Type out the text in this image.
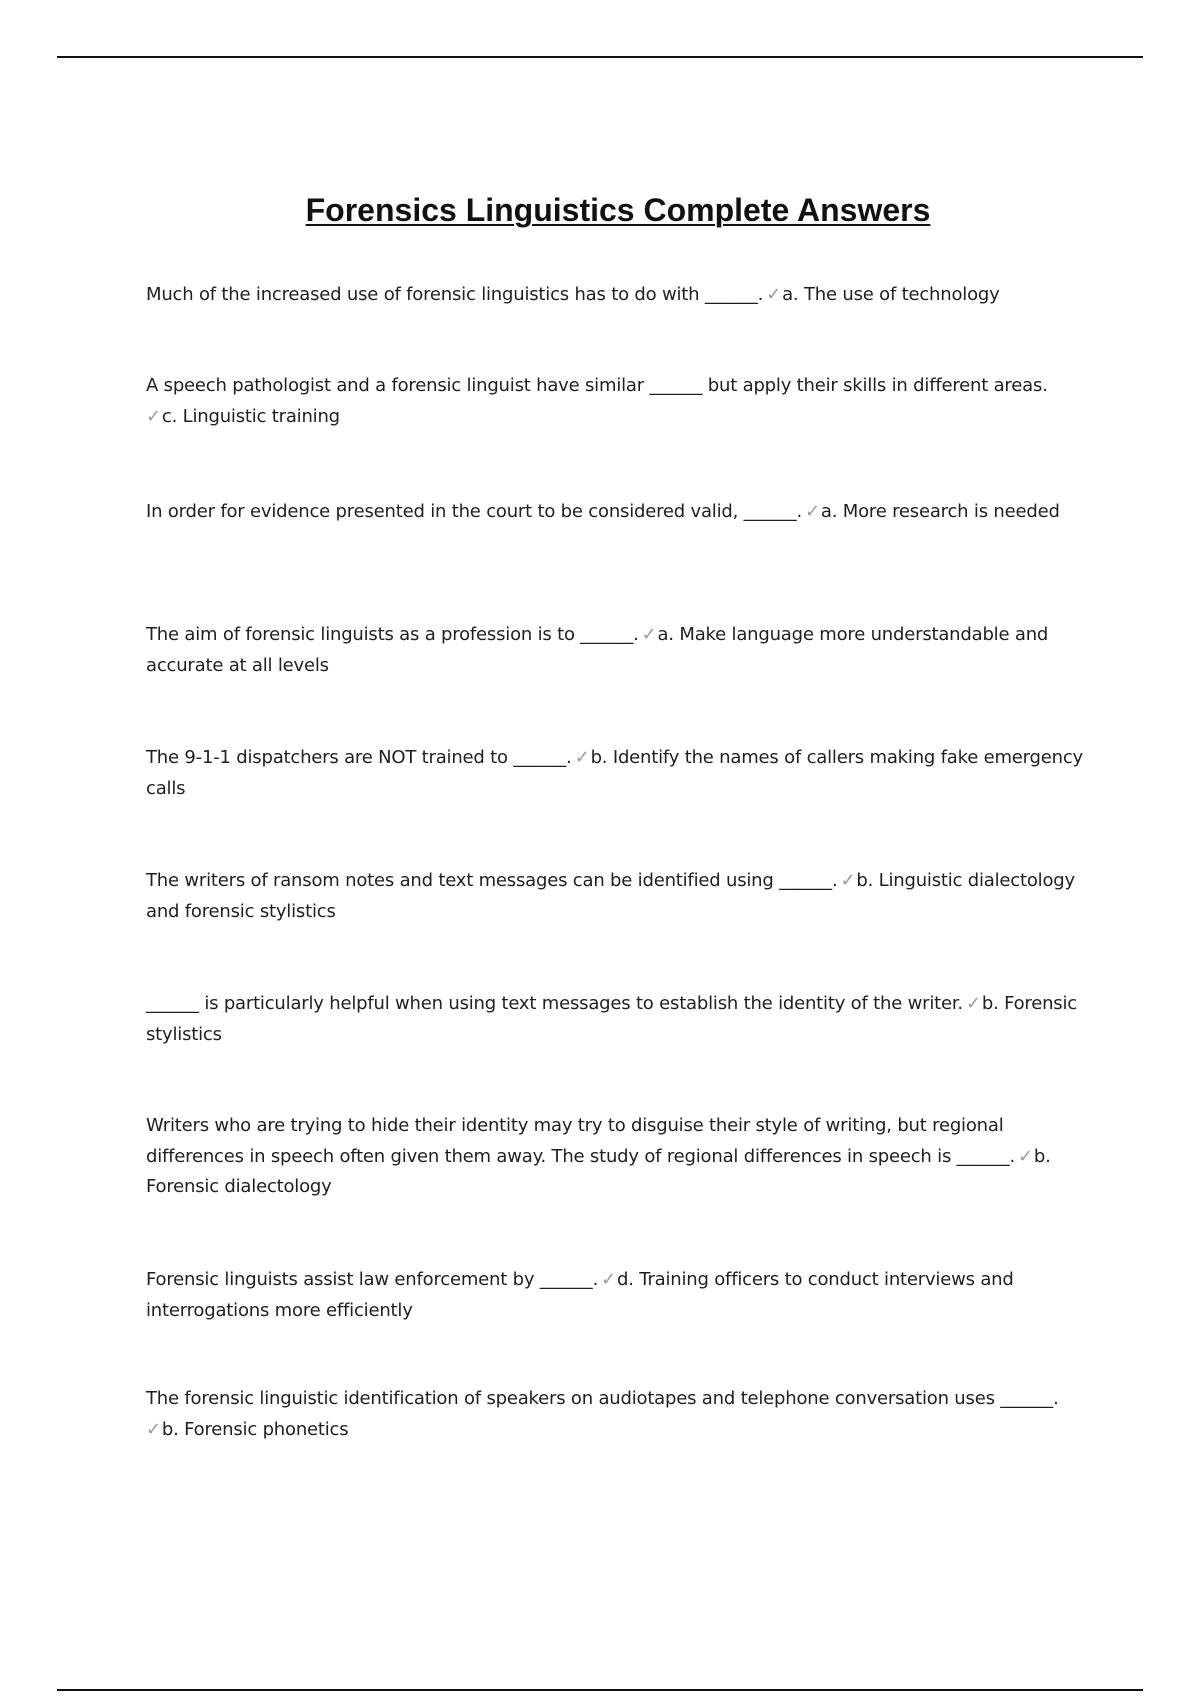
Forensics Linguistics Complete Answers
Much of the increased use of forensic linguistics has to do with ______. ✓a. The use of technology
A speech pathologist and a forensic linguist have similar ______ but apply their skills in different areas.
✓c. Linguistic training
In order for evidence presented in the court to be considered valid, ______. ✓a. More research is needed
The aim of forensic linguists as a profession is to ______. ✓a. Make language more understandable and accurate at all levels
The 9-1-1 dispatchers are NOT trained to ______. ✓b. Identify the names of callers making fake emergency calls
The writers of ransom notes and text messages can be identified using ______. ✓b. Linguistic dialectology and forensic stylistics
______ is particularly helpful when using text messages to establish the identity of the writer. ✓b. Forensic stylistics
Writers who are trying to hide their identity may try to disguise their style of writing, but regional differences in speech often given them away. The study of regional differences in speech is ______. ✓b. Forensic dialectology
Forensic linguists assist law enforcement by ______. ✓d. Training officers to conduct interviews and interrogations more efficiently
The forensic linguistic identification of speakers on audiotapes and telephone conversation uses ______.
✓b. Forensic phonetics
